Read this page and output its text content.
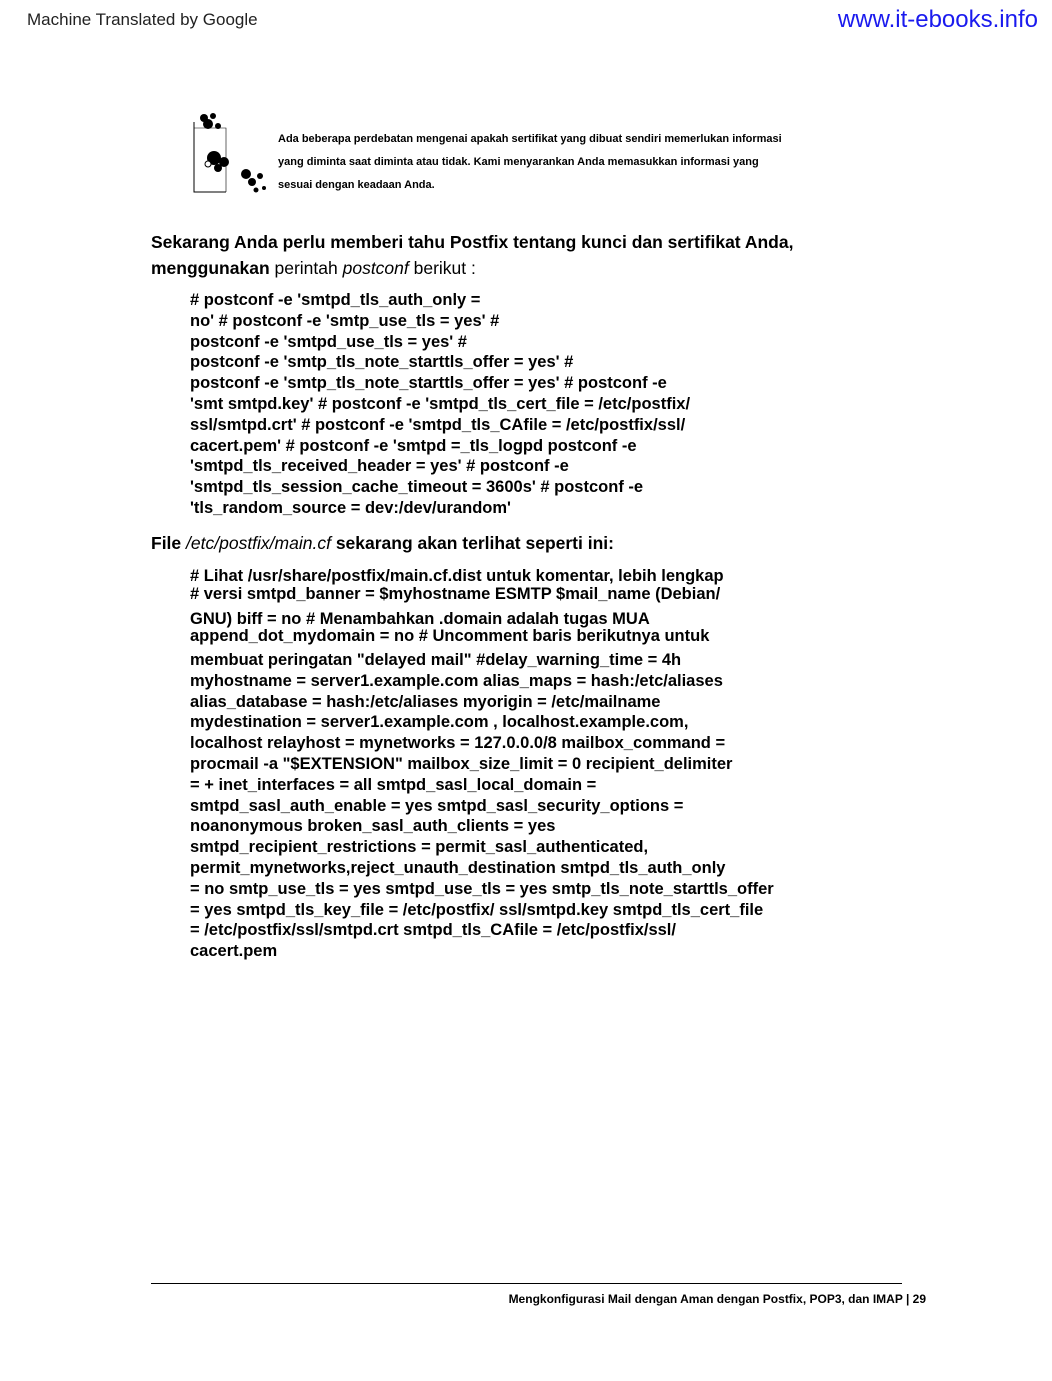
Machine Translated by Google	www.it-ebooks.info
Ada beberapa perdebatan mengenai apakah sertifikat yang dibuat sendiri memerlukan informasi
yang diminta saat diminta atau tidak. Kami menyarankan Anda memasukkan informasi yang
sesuai dengan keadaan Anda.
Sekarang Anda perlu memberi tahu Postfix tentang kunci dan sertifikat Anda,
menggunakan perintah postconf berikut :
# postconf -e 'smtpd_tls_auth_only =
no' # postconf -e 'smtp_use_tls = yes' #
postconf -e 'smtpd_use_tls = yes' #
postconf -e 'smtp_tls_note_starttls_offer = yes' #
postconf -e 'smtp_tls_note_starttls_offer = yes' # postconf -e
'smt smtpd.key' # postconf -e 'smtpd_tls_cert_file = /etc/postfix/
ssl/smtpd.crt' # postconf -e 'smtpd_tls_CAfile = /etc/postfix/ssl/
cacert.pem' # postconf -e 'smtpd =_tls_logpd postconf -e
'smtpd_tls_received_header = yes' # postconf -e
'smtpd_tls_session_cache_timeout = 3600s' # postconf -e
'tls_random_source = dev:/dev/urandom'
File /etc/postfix/main.cf sekarang akan terlihat seperti ini:
# Lihat /usr/share/postfix/main.cf.dist untuk komentar, lebih lengkap
# versi smtpd_banner = $myhostname ESMTP $mail_name (Debian/
GNU) biff = no # Menambahkan .domain adalah tugas MUA
append_dot_mydomain = no # Uncomment baris berikutnya untuk
membuat peringatan "delayed mail" #delay_warning_time = 4h
myhostname = server1.example.com alias_maps = hash:/etc/aliases
alias_database = hash:/etc/aliases myorigin = /etc/mailname
mydestination = server1.example.com , localhost.example.com,
localhost relayhost = mynetworks = 127.0.0.0/8 mailbox_command =
procmail -a "$EXTENSION" mailbox_size_limit = 0 recipient_delimiter
= + inet_interfaces = all smtpd_sasl_local_domain =
smtpd_sasl_auth_enable = yes smtpd_sasl_security_options =
noanonymous broken_sasl_auth_clients = yes
smtpd_recipient_restrictions = permit_sasl_authenticated,
permit_mynetworks,reject_unauth_destination smtpd_tls_auth_only
= no smtp_use_tls = yes smtpd_use_tls = yes smtp_tls_note_starttls_offer
= yes smtpd_tls_key_file = /etc/postfix/ ssl/smtpd.key smtpd_tls_cert_file
= /etc/postfix/ssl/smtpd.crt smtpd_tls_CAfile = /etc/postfix/ssl/
cacert.pem
Mengkonfigurasi Mail dengan Aman dengan Postfix, POP3, dan IMAP | 29
